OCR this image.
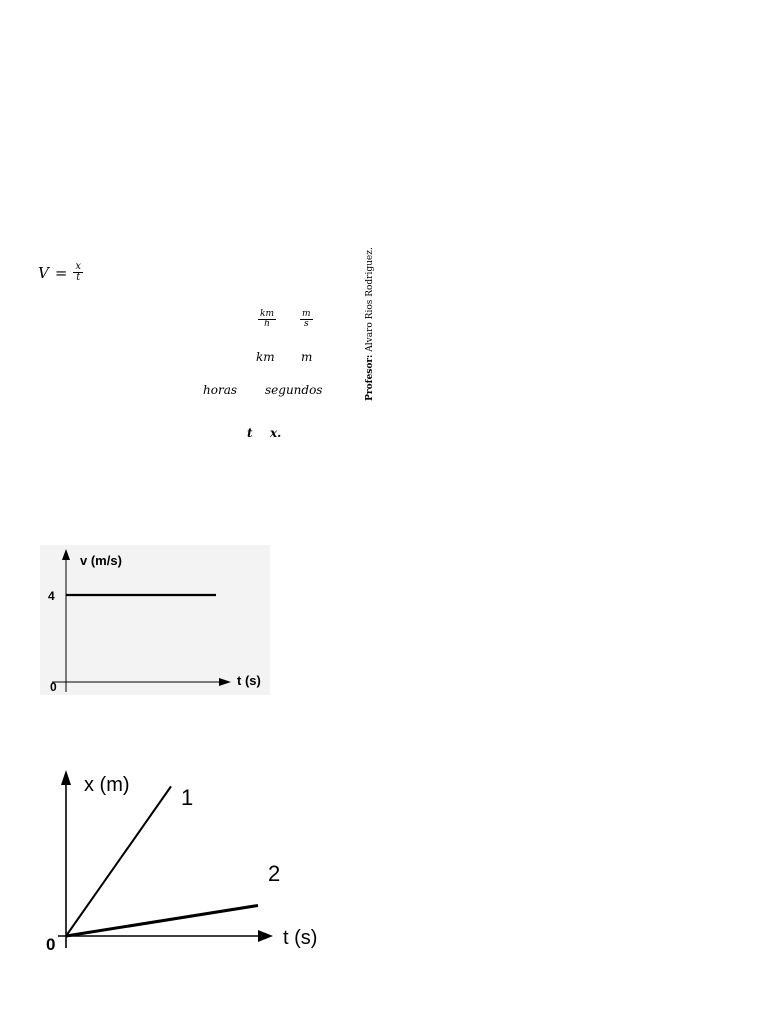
$V = \frac{x}{t}$
$\frac{km}{h}$	$\frac{m}{s}$
km m
horas segundos
t x.
Profesor: Alvaro Rios Rodriguez.
v (m/s)
t (s)
4
0
x (m)
t (s)
1
2
0
